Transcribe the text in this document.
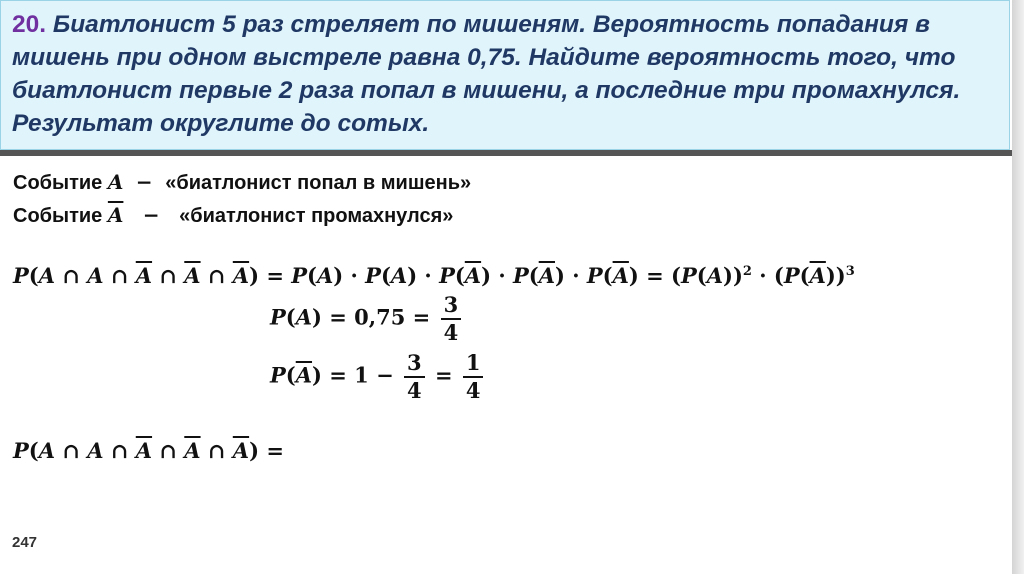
20. Биатлонист 5 раз стреляет по мишеням. Вероятность попадания в мишень при одном выстреле равна 0,75. Найдите вероятность того, что биатлонист первые 2 раза попал в мишени, а последние три промахнулся. Результат округлите до сотых.

Событие A  −  «биатлонист попал в мишень»
Событие $\overline{A}$   −   «биатлонист промахнулся»
P(A ∩ A ∩ $\overline{A}$ ∩ $\overline{A}$ ∩ $\overline{A}) = P(A) \cdot P(A) \cdot P(\overline{A}) \cdot P(\overline{A}) \cdot P(\overline{A}) = (P(A))^2 \cdot (P(\overline{A}))^3$
$P(A) = 0,75 = \frac{3}{4}$
$P(\overline{A}) = 1 - \frac{3}{4} = \frac{1}{4}$
P(A ∩ A ∩ $\overline{A}$ ∩ $\overline{A}$ ∩ $\overline{A}$) =
247
